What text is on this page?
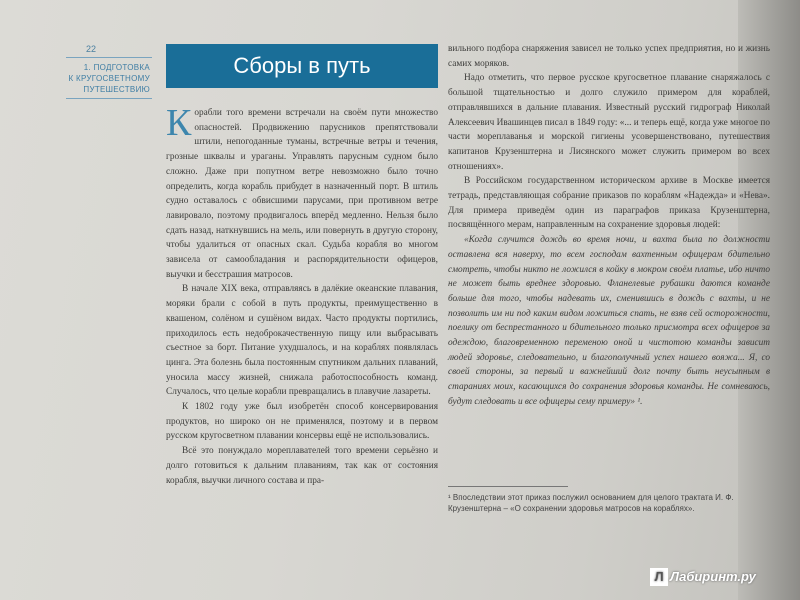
22
1. ПОДГОТОВКА
К КРУГОСВЕТНОМУ
ПУТЕШЕСТВИЮ
Сборы в путь

Корабли того времени встречали на своём пути множество опасностей. Продвижению парусников препятствовали штили, непогоданные туманы, встречные ветры и течения, грозные шквалы и ураганы. Управлять парусным судном было сложно. Даже при попутном ветре невозможно было точно определить, когда корабль прибудет в назначенный порт. В штиль судно оставалось с обвисшими парусами, при противном ветре лавировало, поэтому продвигалось вперёд медленно. Нельзя было сдать назад, наткнувшись на мель, или повернуть в другую сторону, чтобы удалиться от опасных скал. Судьба корабля во многом зависела от самообладания и распорядительности офицеров, выучки и бесстрашия матросов.

В начале XIX века, отправляясь в далёкие океанские плавания, моряки брали с собой в путь продукты, преимущественно в квашеном, солёном и сушёном видах. Часто продукты портились, приходилось есть недоброкачественную пищу или выбрасывать съестное за борт. Питание ухудшалось, и на кораблях появлялась цинга. Эта болезнь была постоянным спутником дальних плаваний, уносила массу жизней, снижала работоспособность команд. Случалось, что целые корабли превращались в плавучие лазареты.

К 1802 году уже был изобретён способ консервирования продуктов, но широко он не применялся, поэтому и в первом русском кругосветном плавании консервы ещё не использовались.

Всё это понуждало мореплавателей того времени серьёзно и долго готовиться к дальним плаваниям, так как от состояния корабля, выучки личного состава и пра-

вильного подбора снаряжения зависел не только успех предприятия, но и жизнь самих моряков.

Надо отметить, что первое русское кругосветное плавание снаряжалось с большой тщательностью и долго служило примером для кораблей, отправлявшихся в дальние плавания. Известный русский гидрограф Николай Алексеевич Ивашинцев писал в 1849 году: «... и теперь ещё, когда уже многое по части мореплаванья и морской гигиены усовершенствовано, путешествия капитанов Крузенштерна и Лисянского может служить примером во всех отношениях».

В Российском государственном историческом архиве в Москве имеется тетрадь, представляющая собрание приказов по кораблям «Надежда» и «Нева». Для примера приведём один из параграфов приказа Крузенштерна, посвящённого мерам, направленным на сохранение здоровья людей:

«Когда случится дождь во время ночи, и вахта была по должности оставлена вся наверху, то всем господам вахтенным офицерам бдительно смотреть, чтобы никто не ложился в койку в мокром своём платье, ибо ничто не может быть вреднее здоровью. Фланелевые рубашки даются команде больше для того, чтобы надевать их, сменившись в дождь с вахты, и не позволить им ни под каким видом ложиться спать, не взяв сей осторожности, поелику от беспрестанного и бдительного только присмотра всех офицеров за одеждою, благовременною переменою оной и чистотою команды зависит людей здоровье, следовательно, и благополучный успех нашего вояжа... Я, со своей стороны, за первый и важнейший долг почту быть неусыпным в стараниях моих, касающихся до сохранения здоровья команды. Не сомневаюсь, будут следовать и все офицеры сему примеру» ¹.

¹ Впоследствии этот приказ послужил основанием для целого трактата И. Ф. Крузенштерна – «О сохранении здоровья матросов на кораблях».
Л Лабиринт.ру
